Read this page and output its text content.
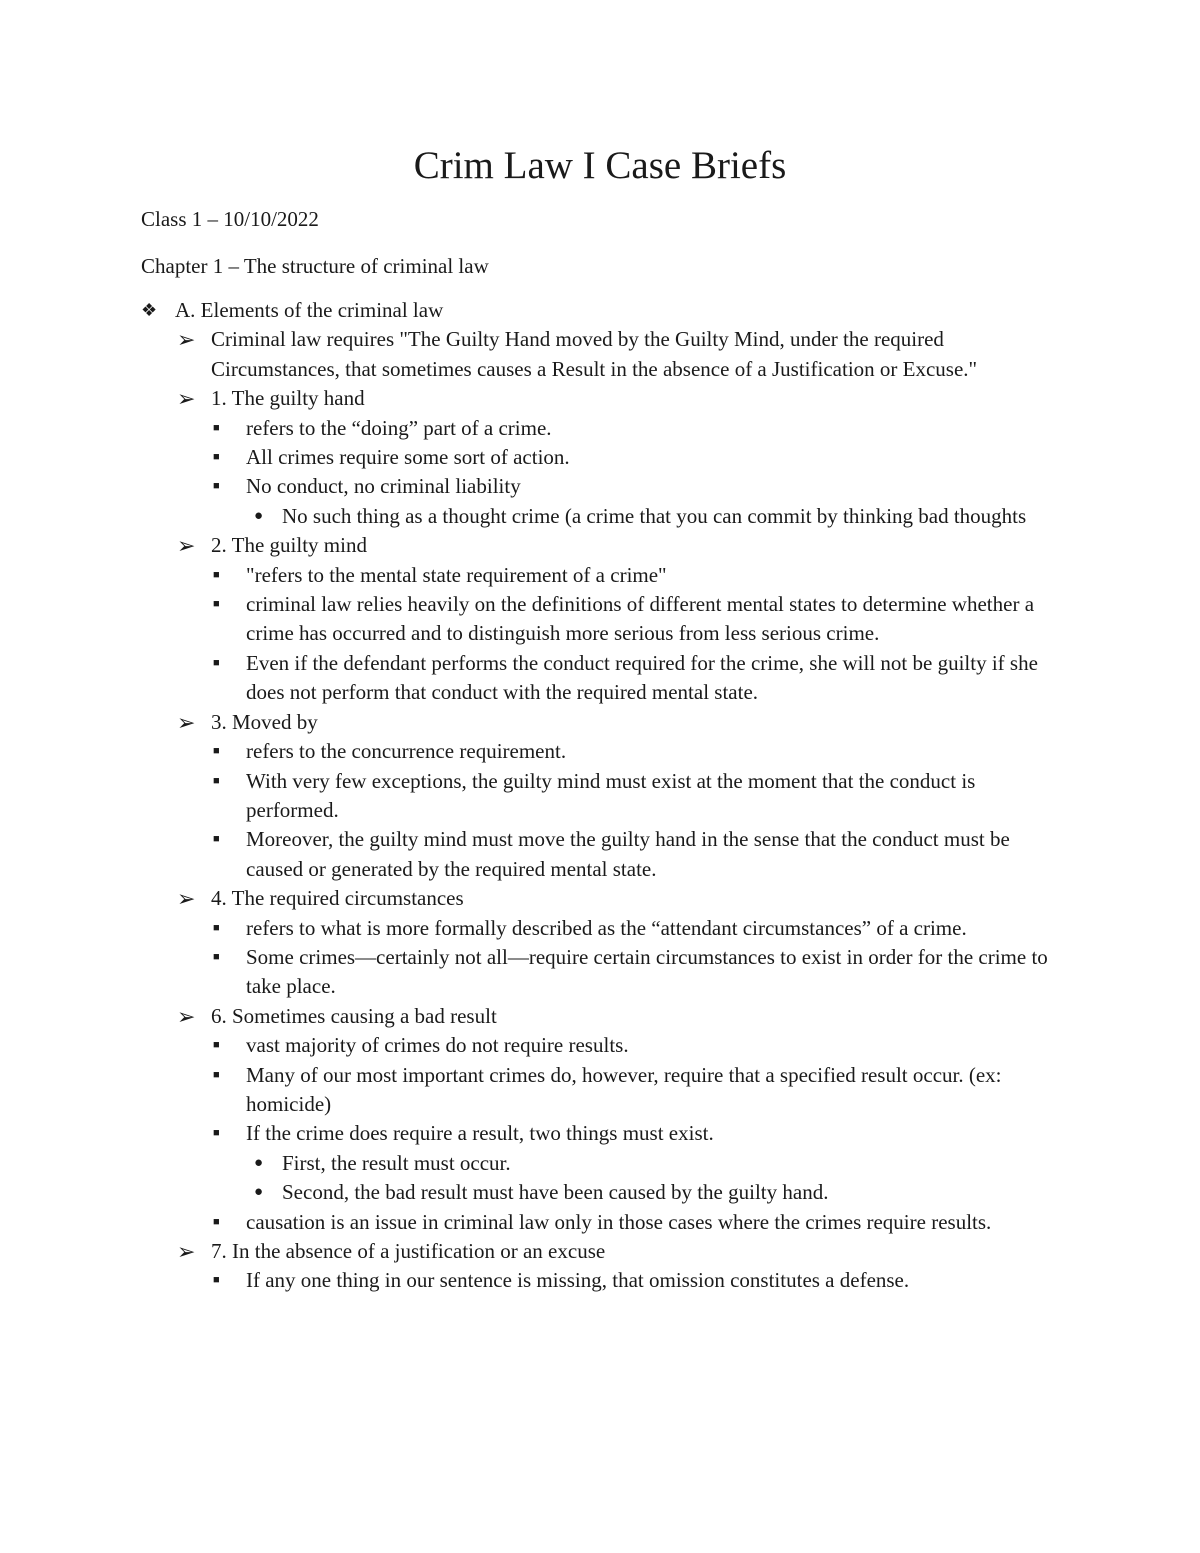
Crim Law I Case Briefs

Class 1 – 10/10/2022

Chapter 1 – The structure of criminal law

❖ A. Elements of the criminal law
➢ Criminal law requires "The Guilty Hand moved by the Guilty Mind, under the required Circumstances, that sometimes causes a Result in the absence of a Justification or Excuse."
➢ 1. The guilty hand
■ refers to the “doing” part of a crime.
■ All crimes require some sort of action.
■ No conduct, no criminal liability
● No such thing as a thought crime (a crime that you can commit by thinking bad thoughts
➢ 2. The guilty mind
■ "refers to the mental state requirement of a crime"
■ criminal law relies heavily on the definitions of different mental states to determine whether a crime has occurred and to distinguish more serious from less serious crime.
■ Even if the defendant performs the conduct required for the crime, she will not be guilty if she does not perform that conduct with the required mental state.
➢ 3. Moved by
■ refers to the concurrence requirement.
■ With very few exceptions, the guilty mind must exist at the moment that the conduct is performed.
■ Moreover, the guilty mind must move the guilty hand in the sense that the conduct must be caused or generated by the required mental state.
➢ 4. The required circumstances
■ refers to what is more formally described as the “attendant circumstances” of a crime.
■ Some crimes—certainly not all—require certain circumstances to exist in order for the crime to take place.
➢ 6. Sometimes causing a bad result
■ vast majority of crimes do not require results.
■ Many of our most important crimes do, however, require that a specified result occur. (ex: homicide)
■ If the crime does require a result, two things must exist.
● First, the result must occur.
● Second, the bad result must have been caused by the guilty hand.
■ causation is an issue in criminal law only in those cases where the crimes require results.
➢ 7. In the absence of a justification or an excuse
■ If any one thing in our sentence is missing, that omission constitutes a defense.
